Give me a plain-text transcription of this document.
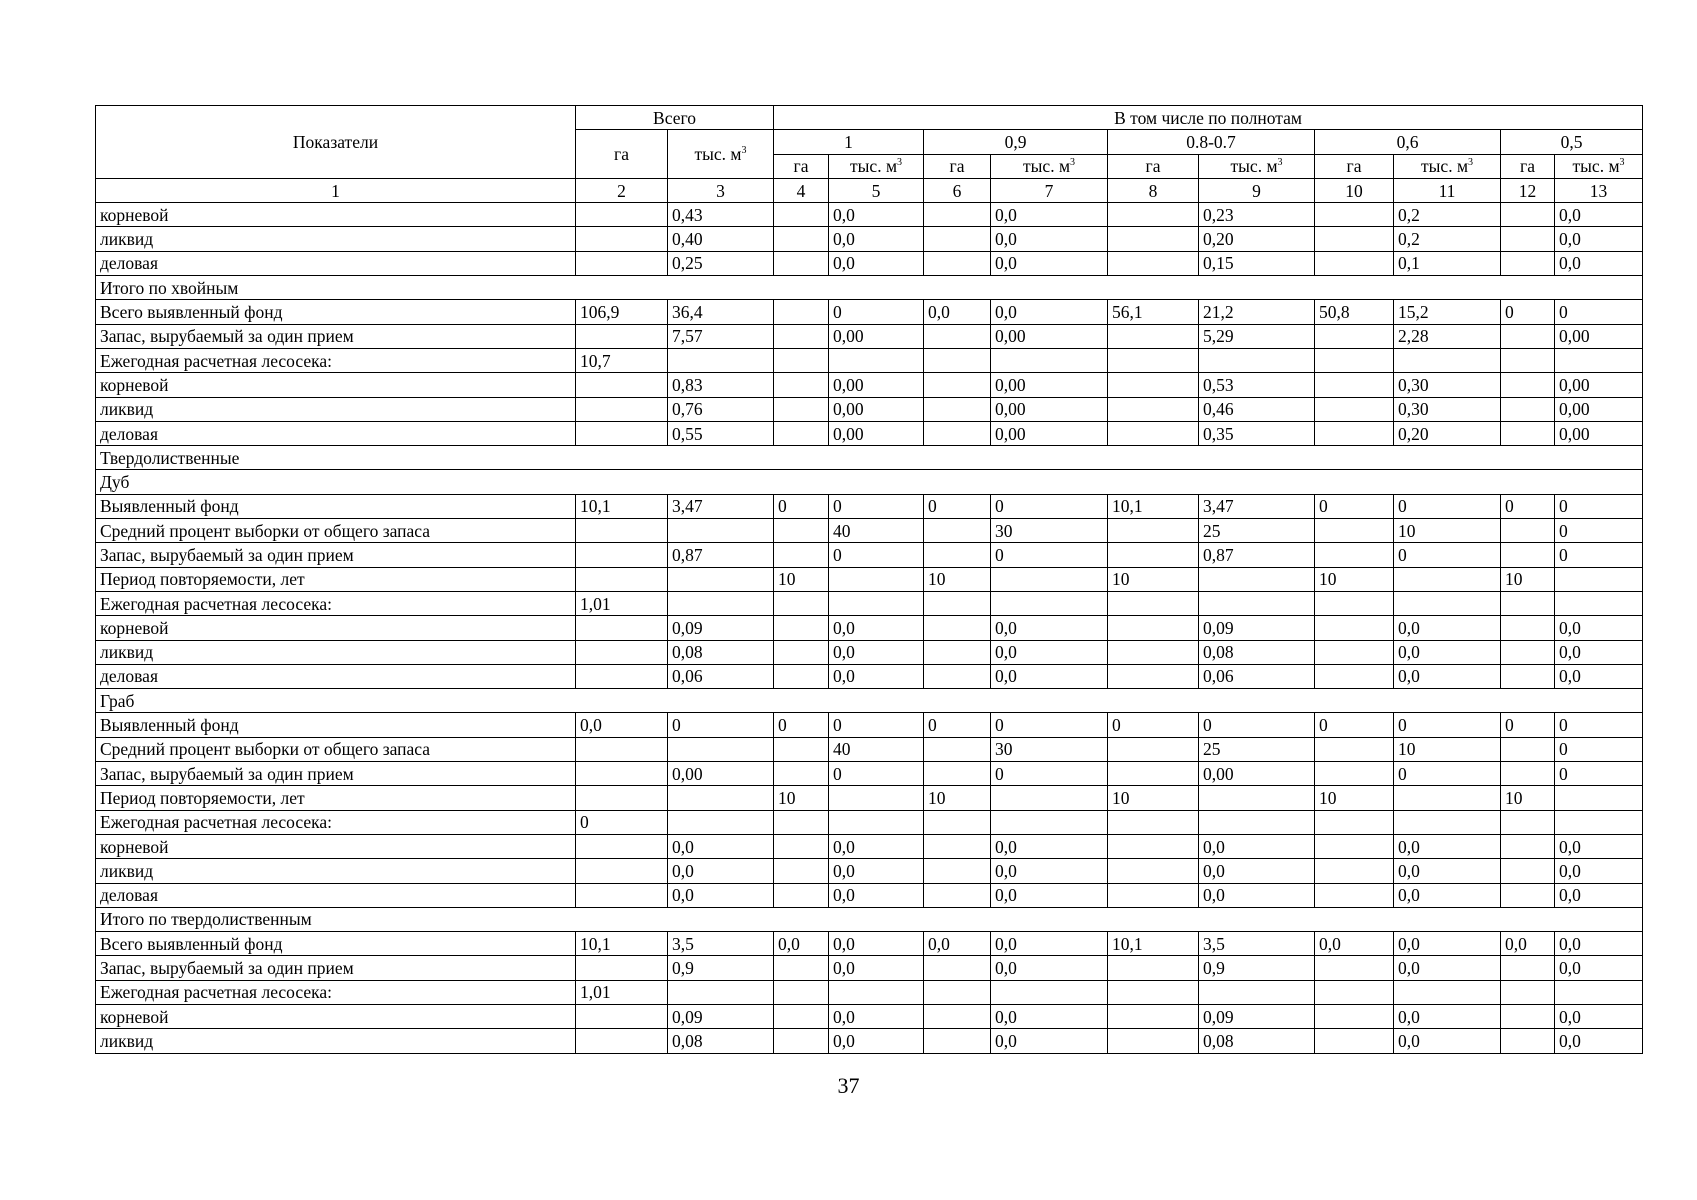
Показатели	Всего		В том числе по полнотам									
	га	тыс. $м^3$	1		0,9		0.8-0.7		0,6		0,5	
			га	тыс. $м^3$	га	тыс. $м^3$	га	тыс. $м^3$	га	тыс. $м^3$	га	тыс. $м^3$
1	2	3	4	5	6	7	8	9	10	11	12	13
корневой		0,43		0,0		0,0		0,23		0,2		0,0
ликвид		0,40		0,0		0,0		0,20		0,2		0,0
деловая		0,25		0,0		0,0		0,15		0,1		0,0
Итого по хвойным												
Всего выявленный фонд	106,9	36,4		0	0,0	0,0	56,1	21,2	50,8	15,2	0	0
Запас, вырубаемый за один прием		7,57		0,00		0,00		5,29		2,28		0,00
Ежегодная расчетная лесосека:	10,7											
корневой		0,83		0,00		0,00		0,53		0,30		0,00
ликвид		0,76		0,00		0,00		0,46		0,30		0,00
деловая		0,55		0,00		0,00		0,35		0,20		0,00
Твердолиственные												
Дуб												
Выявленный фонд	10,1	3,47	0	0	0	0	10,1	3,47	0	0	0	0
Средний процент выборки от общего запаса				40		30		25		10		0
Запас, вырубаемый за один прием		0,87		0		0		0,87		0		0
Период повторяемости, лет			10		10		10		10		10	
Ежегодная расчетная лесосека:	1,01											
корневой		0,09		0,0		0,0		0,09		0,0		0,0
ликвид		0,08		0,0		0,0		0,08		0,0		0,0
деловая		0,06		0,0		0,0		0,06		0,0		0,0
Граб												
Выявленный фонд	0,0	0	0	0	0	0	0	0	0	0	0	0
Средний процент выборки от общего запаса				40		30		25		10		0
Запас, вырубаемый за один прием		0,00		0		0		0,00		0		0
Период повторяемости, лет			10		10		10		10		10	
Ежегодная расчетная лесосека:	0											
корневой		0,0		0,0		0,0		0,0		0,0		0,0
ликвид		0,0		0,0		0,0		0,0		0,0		0,0
деловая		0,0		0,0		0,0		0,0		0,0		0,0
Итого по твердолиственным												
Всего выявленный фонд	10,1	3,5	0,0	0,0	0,0	0,0	10,1	3,5	0,0	0,0	0,0	0,0
Запас, вырубаемый за один прием		0,9		0,0		0,0		0,9		0,0		0,0
Ежегодная расчетная лесосека:	1,01											
корневой		0,09		0,0		0,0		0,09		0,0		0,0
ликвид		0,08		0,0		0,0		0,08		0,0		0,0
37
